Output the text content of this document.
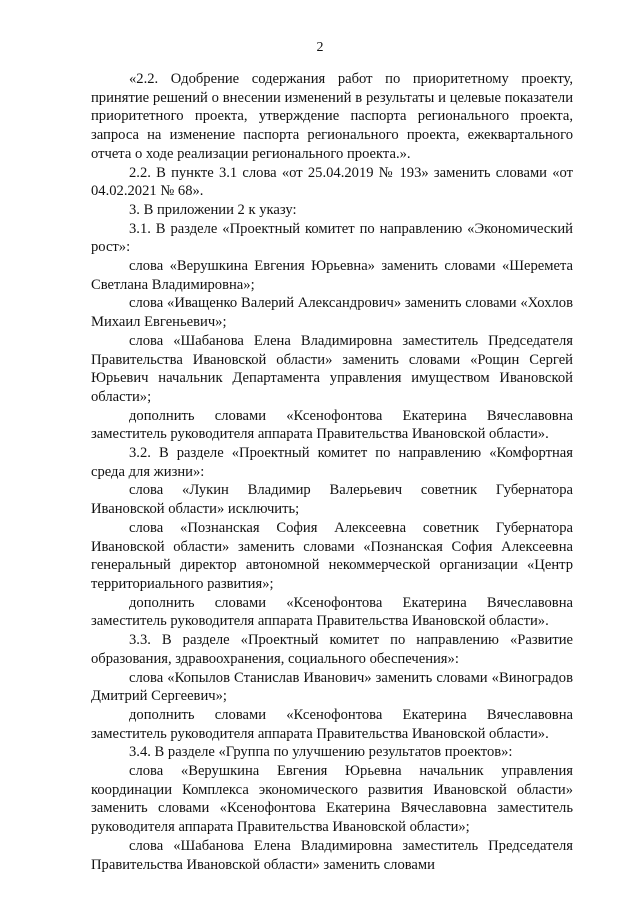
2

«2.2. Одобрение содержания работ по приоритетному проекту, принятие решений о внесении изменений в результаты и целевые показатели приоритетного проекта, утверждение паспорта регионального проекта, запроса на изменение паспорта регионального проекта, ежеквартального отчета о ходе реализации регионального проекта.».

2.2. В пункте 3.1 слова «от 25.04.2019 № 193» заменить словами «от 04.02.2021 № 68».

3. В приложении 2 к указу:

3.1. В разделе «Проектный комитет по направлению «Экономический рост»:

слова «Верушкина Евгения Юрьевна» заменить словами «Шеремета Светлана Владимировна»;

слова «Иващенко Валерий Александрович» заменить словами «Хохлов Михаил Евгеньевич»;

слова «Шабанова Елена Владимировна заместитель Председателя Правительства Ивановской области» заменить словами «Рощин Сергей Юрьевич начальник Департамента управления имуществом Ивановской области»;

дополнить словами «Ксенофонтова Екатерина Вячеславовна заместитель руководителя аппарата Правительства Ивановской области».

3.2. В разделе «Проектный комитет по направлению «Комфортная среда для жизни»:

слова «Лукин Владимир Валерьевич советник Губернатора Ивановской области» исключить;

слова «Познанская София Алексеевна советник Губернатора Ивановской области» заменить словами «Познанская София Алексеевна генеральный директор автономной некоммерческой организации «Центр территориального развития»;

дополнить словами «Ксенофонтова Екатерина Вячеславовна заместитель руководителя аппарата Правительства Ивановской области».

3.3. В разделе «Проектный комитет по направлению «Развитие образования, здравоохранения, социального обеспечения»:

слова «Копылов Станислав Иванович» заменить словами «Виноградов Дмитрий Сергеевич»;

дополнить словами «Ксенофонтова Екатерина Вячеславовна заместитель руководителя аппарата Правительства Ивановской области».

3.4. В разделе «Группа по улучшению результатов проектов»:

слова «Верушкина Евгения Юрьевна начальник управления координации Комплекса экономического развития Ивановской области» заменить словами «Ксенофонтова Екатерина Вячеславовна заместитель руководителя аппарата Правительства Ивановской области»;

слова «Шабанова Елена Владимировна заместитель Председателя Правительства Ивановской области» заменить словами
